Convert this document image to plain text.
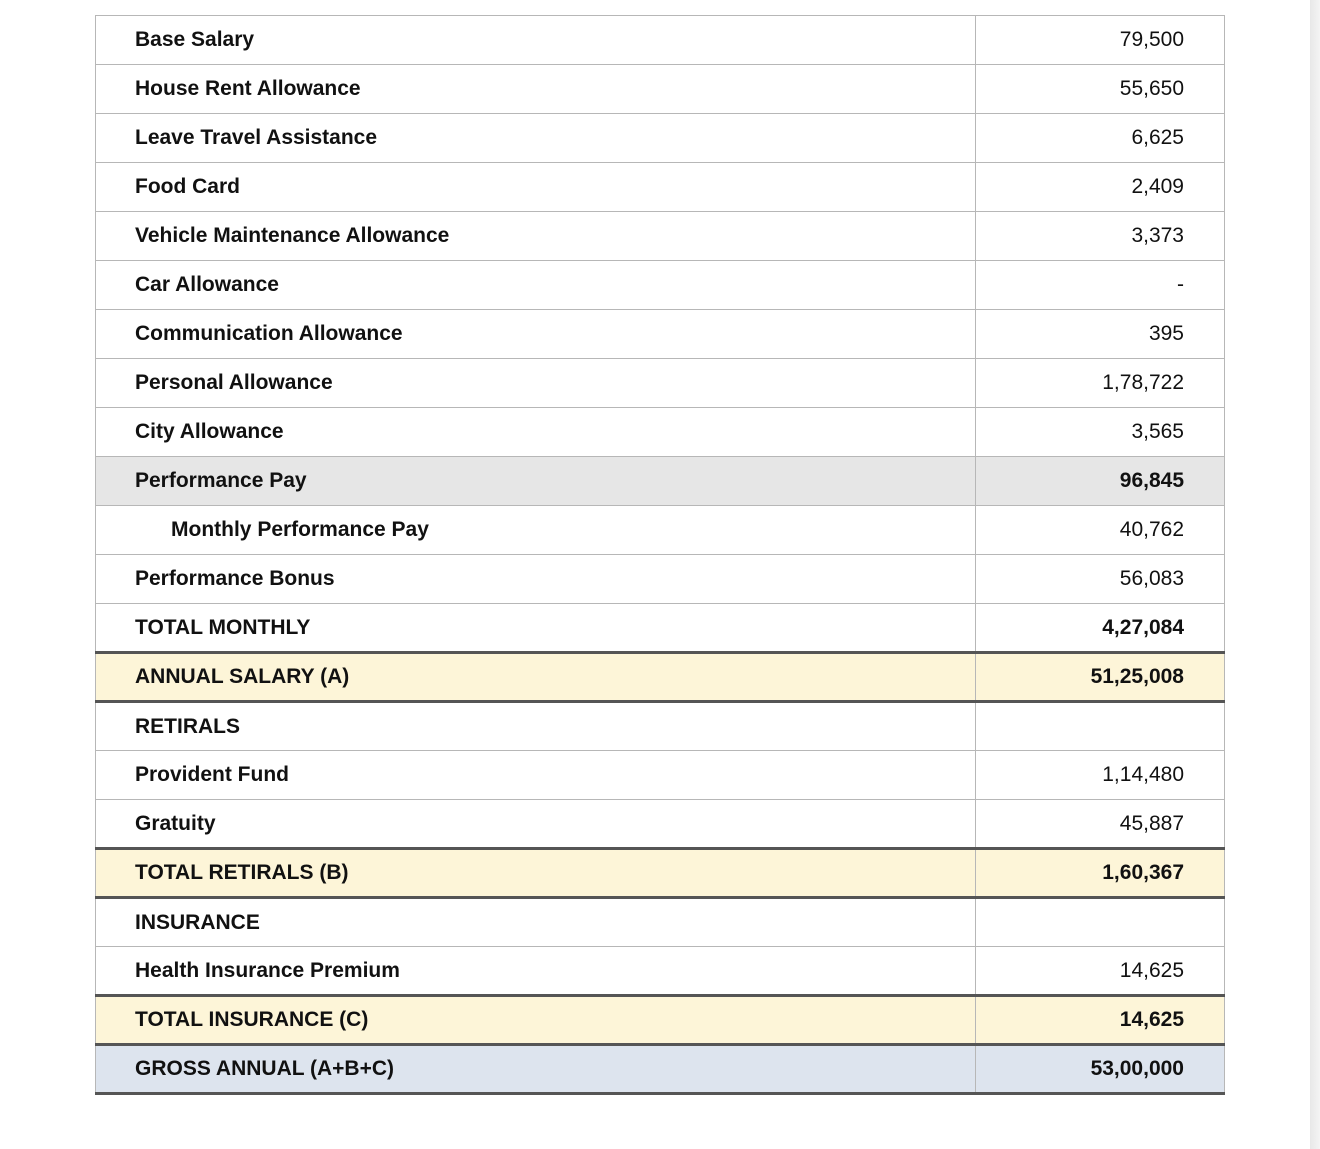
Base Salary	79,500
House Rent Allowance	55,650
Leave Travel Assistance	6,625
Food Card	2,409
Vehicle Maintenance Allowance	3,373
Car Allowance	-
Communication Allowance	395
Personal Allowance	1,78,722
City Allowance	3,565
Performance Pay	96,845
Monthly Performance Pay	40,762
Performance Bonus	56,083
TOTAL MONTHLY	4,27,084
ANNUAL SALARY (A)	51,25,008
RETIRALS	
Provident Fund	1,14,480
Gratuity	45,887
TOTAL RETIRALS (B)	1,60,367
INSURANCE	
Health Insurance Premium	14,625
TOTAL INSURANCE (C)	14,625
GROSS ANNUAL (A+B+C)	53,00,000
